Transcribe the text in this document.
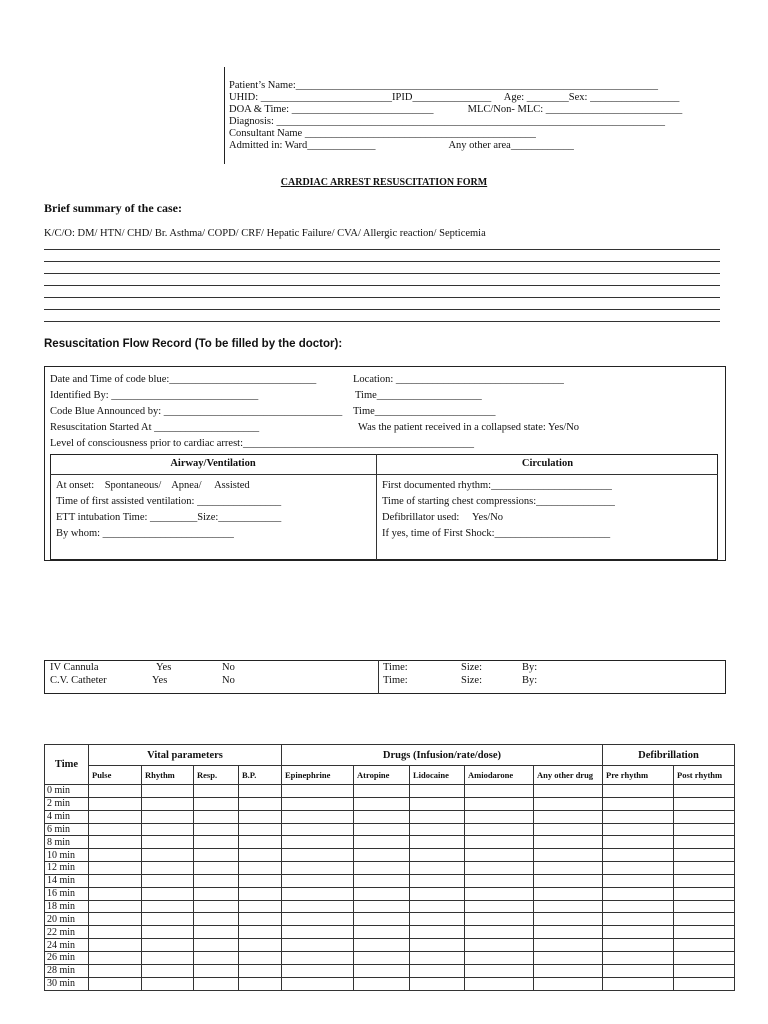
Patient’s Name:_____________________________________________________________________
UHID: _________________________IPID_______________     Age: ________Sex: _________________
DOA & Time: ___________________________             MLC/Non- MLC: __________________________
Diagnosis: __________________________________________________________________________
Consultant Name ____________________________________________
Admitted in: Ward_____________                            Any other area____________
CARDIAC ARREST RESUSCITATION FORM
Brief summary of the case:
K/C/O: DM/ HTN/ CHD/ Br. Asthma/ COPD/ CRF/ Hepatic Failure/ CVA/ Allergic reaction/ Septicemia
Resuscitation Flow Record (To be filled by the doctor):
Date and Time of code blue:____________________________	Location: ________________________________
Identified By: ____________________________	Time____________________
Code Blue Announced by: __________________________________ Time_______________________
Resuscitation Started At ____________________	Was the patient received in a collapsed state: Yes/No
Level of consciousness prior to cardiac arrest:____________________________________________
Airway/Ventilation	Circulation
At onset:    Spontaneous/    Apnea/     Assisted
Time of first assisted ventilation: ________________
ETT intubation Time: _________Size:____________
By whom: _________________________
First documented rhythm:_______________________
Time of starting chest compressions:_______________
Defibrillator used:     Yes/No
If yes, time of First Shock:______________________
IV Cannula	Yes	No
C.V. Catheter	Yes	No
Time:	Size:	By:
Time:	Size:	By:
Time	Vital parameters				Drugs (Infusion/rate/dose)					Defibrillation	
	Pulse	Rhythm	Resp.	B.P.	Epinephrine	Atropine	Lidocaine	Amiodarone	Any other drug	Pre rhythm	Post rhythm
0 min											
2 min											
4 min											
6 min											
8 min											
10 min											
12 min											
14 min											
16 min											
18 min											
20 min											
22 min											
24 min											
26 min											
28 min											
30 min											
